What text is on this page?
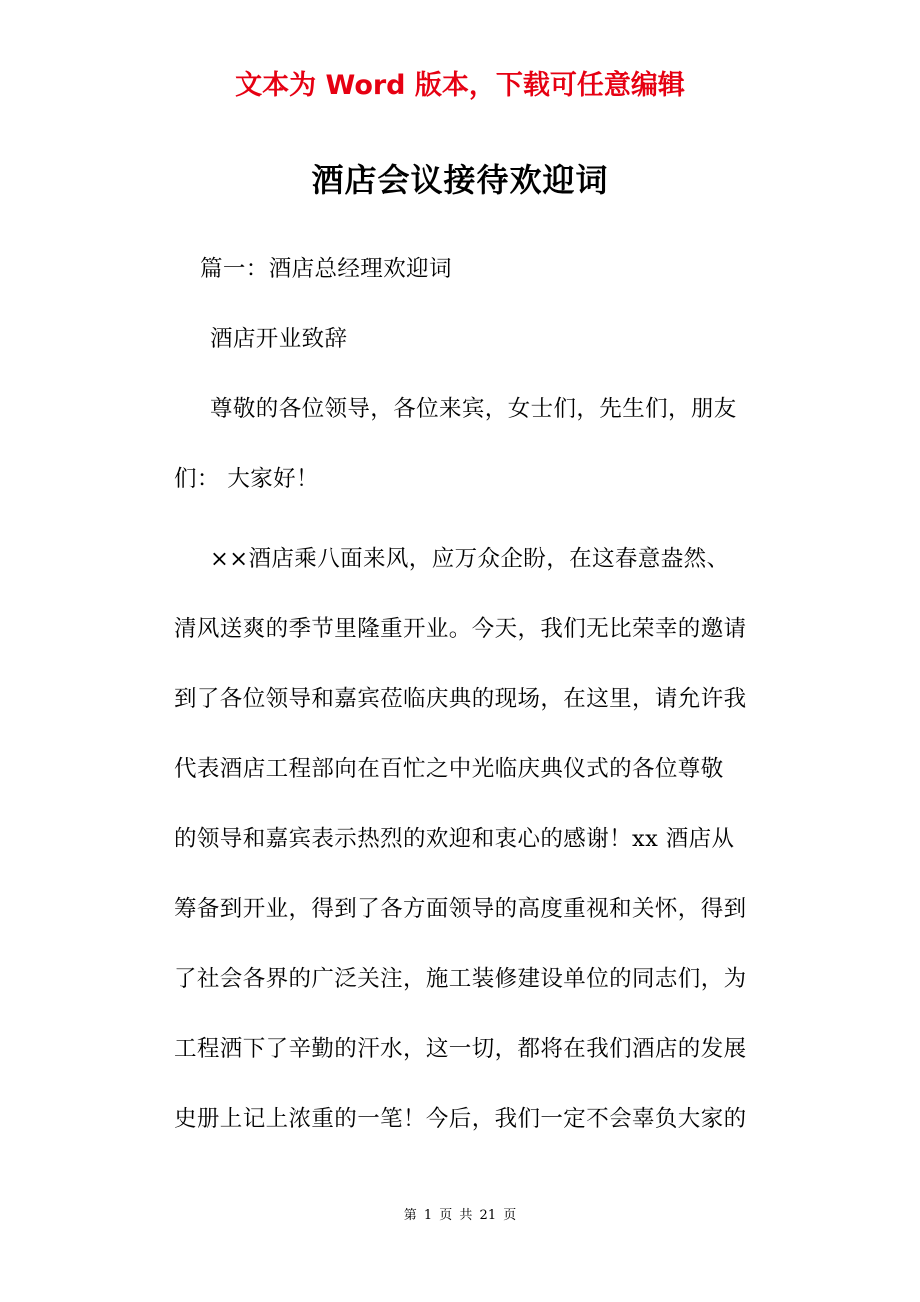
文本为 Word 版本，下载可任意编辑
酒店会议接待欢迎词
篇一：酒店总经理欢迎词
酒店开业致辞
尊敬的各位领导，各位来宾，女士们，先生们，朋友
们： 大家好！
××酒店乘八面来风，应万众企盼，在这春意盎然、
清风送爽的季节里隆重开业。今天，我们无比荣幸的邀请
到了各位领导和嘉宾莅临庆典的现场，在这里，请允许我
代表酒店工程部向在百忙之中光临庆典仪式的各位尊敬
的领导和嘉宾表示热烈的欢迎和衷心的感谢！xx 酒店从
筹备到开业，得到了各方面领导的高度重视和关怀，得到
了社会各界的广泛关注，施工装修建设单位的同志们，为
工程洒下了辛勤的汗水，这一切，都将在我们酒店的发展
史册上记上浓重的一笔！今后，我们一定不会辜负大家的
第 1 页 共 21 页
